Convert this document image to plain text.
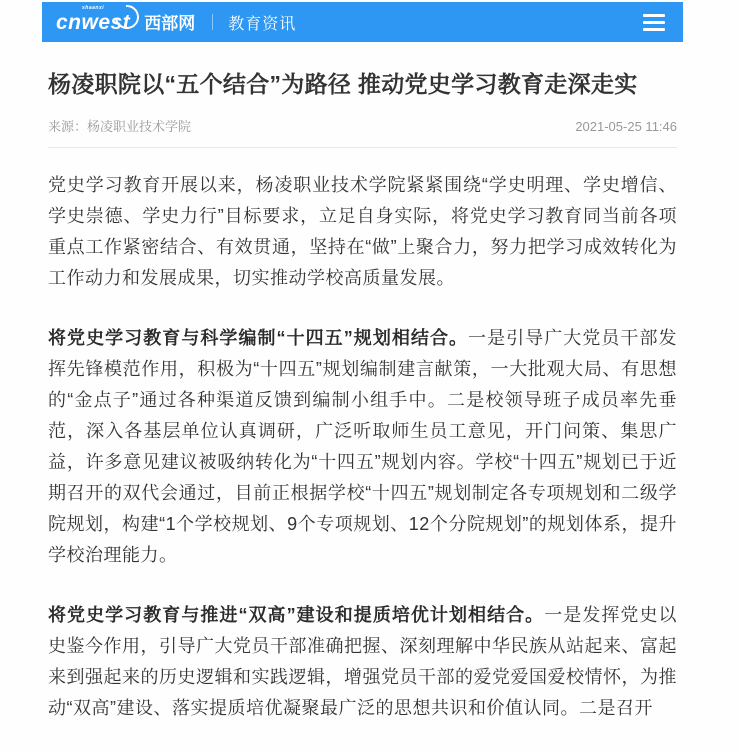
cnwest
shaanxi
西部网 教育资讯
杨凌职院以“五个结合”为路径 推动党史学习教育走深走实
来源：杨凌职业技术学院	2021-05-25 11:46

党史学习教育开展以来，杨凌职业技术学院紧紧围绕“学史明理、学史增信、学史崇德、学史力行”目标要求，立足自身实际，将党史学习教育同当前各项重点工作紧密结合、有效贯通，坚持在“做”上聚合力，努力把学习成效转化为工作动力和发展成果，切实推动学校高质量发展。

将党史学习教育与科学编制“十四五”规划相结合。一是引导广大党员干部发挥先锋模范作用，积极为“十四五”规划编制建言献策，一大批观大局、有思想的“金点子”通过各种渠道反馈到编制小组手中。二是校领导班子成员率先垂范，深入各基层单位认真调研，广泛听取师生员工意见，开门问策、集思广益，许多意见建议被吸纳转化为“十四五”规划内容。学校“十四五”规划已于近期召开的双代会通过，目前正根据学校“十四五”规划制定各专项规划和二级学院规划，构建“1个学校规划、9个专项规划、12个分院规划”的规划体系，提升学校治理能力。

将党史学习教育与推进“双高”建设和提质培优计划相结合。一是发挥党史以史鉴今作用，引导广大党员干部准确把握、深刻理解中华民族从站起来、富起来到强起来的历史逻辑和实践逻辑，增强党员干部的爱党爱国爱校情怀，为推动“双高”建设、落实提质培优凝聚最广泛的思想共识和价值认同。二是召开
